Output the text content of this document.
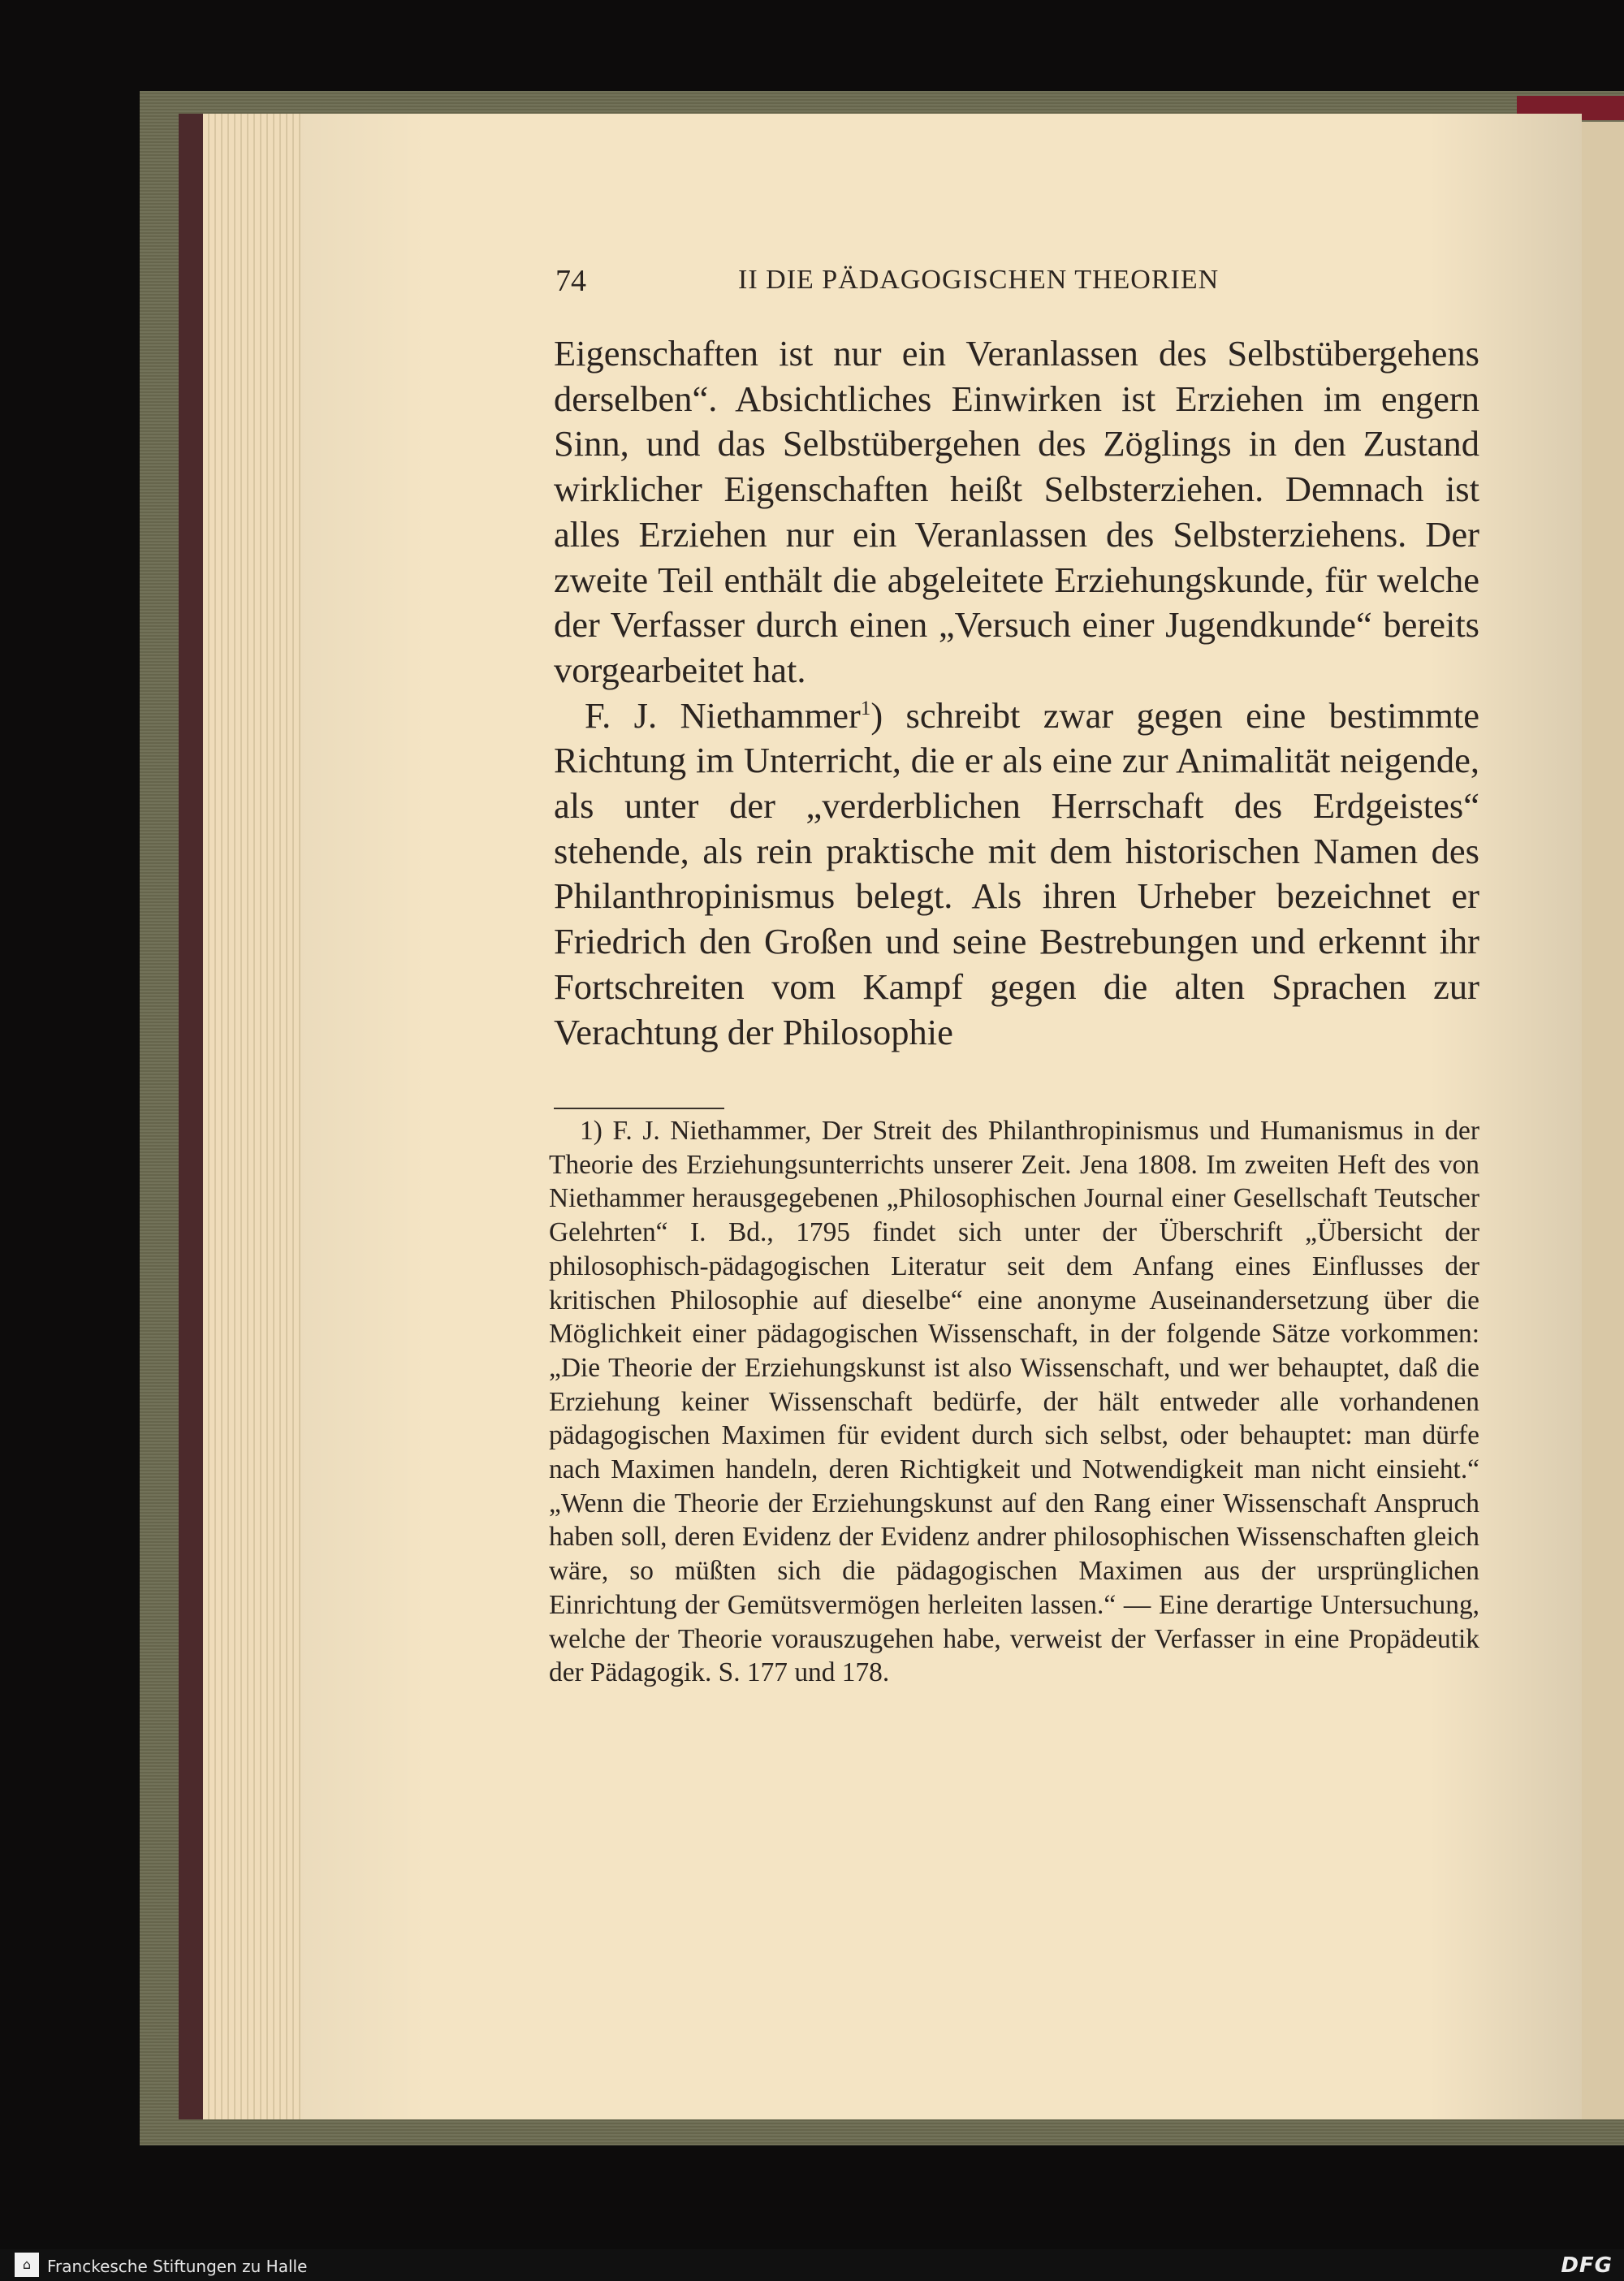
74	II DIE PÄDAGOGISCHEN THEORIEN

Eigenschaften ist nur ein Veranlassen des Selbstübergehens derselben“. Absichtliches Einwirken ist Erziehen im engern Sinn, und das Selbstübergehen des Zöglings in den Zustand wirklicher Eigenschaften heißt Selbsterziehen. Demnach ist alles Erziehen nur ein Veranlassen des Selbsterziehens. Der zweite Teil enthält die abgeleitete Erziehungskunde, für welche der Verfasser durch einen „Versuch einer Jugendkunde“ bereits vorgearbeitet hat.

F. J. Niethammer$^1$) schreibt zwar gegen eine bestimmte Richtung im Unterricht, die er als eine zur Animalität neigende, als unter der „verderblichen Herrschaft des Erdgeistes“ stehende, als rein praktische mit dem historischen Namen des Philanthropinismus belegt. Als ihren Urheber bezeichnet er Friedrich den Großen und seine Bestrebungen und erkennt ihr Fortschreiten vom Kampf gegen die alten Sprachen zur Verachtung der Philosophie

1) F. J. Niethammer, Der Streit des Philanthropinismus und Humanismus in der Theorie des Erziehungsunterrichts unserer Zeit. Jena 1808. Im zweiten Heft des von Niethammer herausgegebenen „Philosophischen Journal einer Gesellschaft Teutscher Gelehrten“ I. Bd., 1795 findet sich unter der Überschrift „Übersicht der philosophisch-pädagogischen Literatur seit dem Anfang eines Einflusses der kritischen Philosophie auf dieselbe“ eine anonyme Auseinandersetzung über die Möglichkeit einer pädagogischen Wissenschaft, in der folgende Sätze vorkommen: „Die Theorie der Erziehungskunst ist also Wissenschaft, und wer behauptet, daß die Erziehung keiner Wissenschaft bedürfe, der hält entweder alle vorhandenen pädagogischen Maximen für evident durch sich selbst, oder behauptet: man dürfe nach Maximen handeln, deren Richtigkeit und Notwendigkeit man nicht einsieht.“ „Wenn die Theorie der Erziehungskunst auf den Rang einer Wissenschaft Anspruch haben soll, deren Evidenz der Evidenz andrer philosophischen Wissenschaften gleich wäre, so müßten sich die pädagogischen Maximen aus der ursprünglichen Einrichtung der Gemütsvermögen herleiten lassen.“ — Eine derartige Untersuchung, welche der Theorie vorauszugehen habe, verweist der Verfasser in eine Propädeutik der Pädagogik. S. 177 und 178.

⌂ Franckesche Stiftungen zu Halle	DFG
